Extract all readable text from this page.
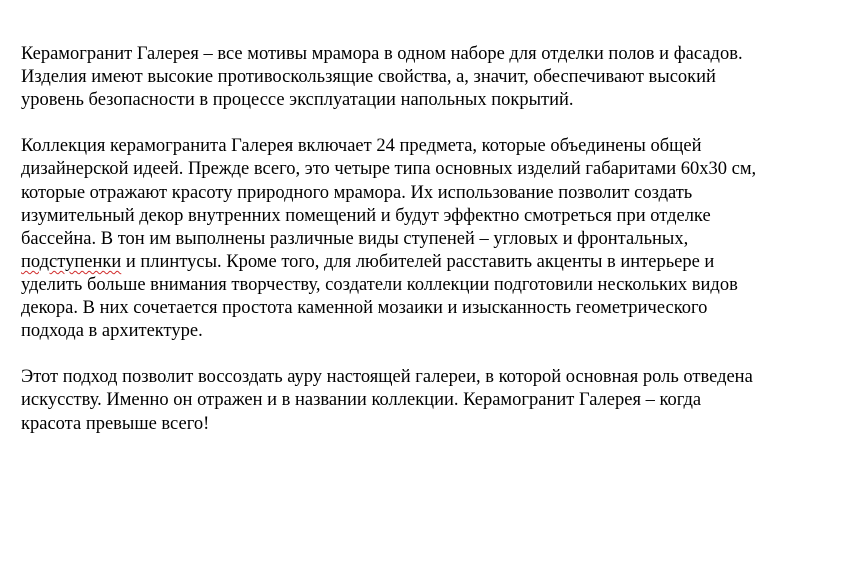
Керамогранит Галерея – все мотивы мрамора в одном наборе для отделки полов и фасадов.
Изделия имеют высокие противоскользящие свойства, а, значит, обеспечивают высокий
уровень безопасности в процессе эксплуатации напольных покрытий.

Коллекция керамогранита Галерея включает 24 предмета, которые объединены общей
дизайнерской идеей. Прежде всего, это четыре типа основных изделий габаритами 60х30 см,
которые отражают красоту природного мрамора. Их использование позволит создать
изумительный декор внутренних помещений и будут эффектно смотреться при отделке
бассейна. В тон им выполнены различные виды ступеней – угловых и фронтальных,
подступенки и плинтусы. Кроме того, для любителей расставить акценты в интерьере и
уделить больше внимания творчеству, создатели коллекции подготовили нескольких видов
декора. В них сочетается простота каменной мозаики и изысканность геометрического
подхода в архитектуре.

Этот подход позволит воссоздать ауру настоящей галереи, в которой основная роль отведена
искусству. Именно он отражен и в названии коллекции. Керамогранит Галерея – когда
красота превыше всего!
